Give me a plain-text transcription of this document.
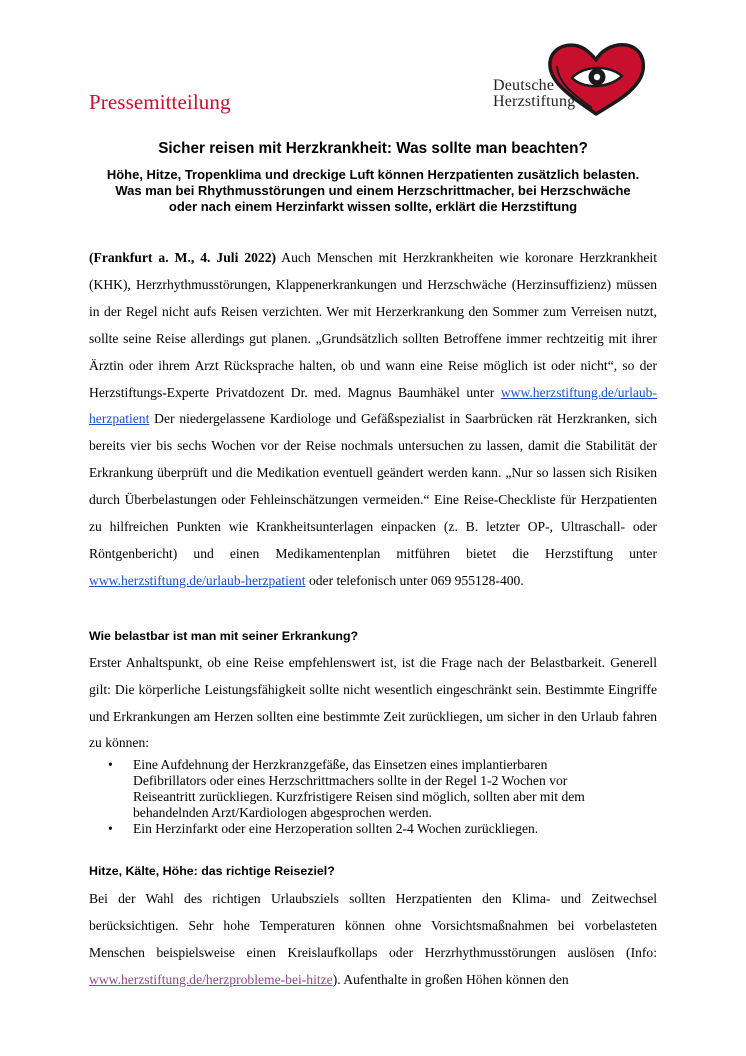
Pressemitteilung
Deutsche
Herzstiftung
Sicher reisen mit Herzkrankheit: Was sollte man beachten?
Höhe, Hitze, Tropenklima und dreckige Luft können Herzpatienten zusätzlich belasten. Was man bei Rhythmusstörungen und einem Herzschrittmacher, bei Herzschwäche oder nach einem Herzinfarkt wissen sollte, erklärt die Herzstiftung
(Frankfurt a. M., 4. Juli 2022) Auch Menschen mit Herzkrankheiten wie koronare Herzkrankheit (KHK), Herzrhythmusstörungen, Klappenerkrankungen und Herzschwäche (Herzinsuffizienz) müssen in der Regel nicht aufs Reisen verzichten. Wer mit Herzerkrankung den Sommer zum Verreisen nutzt, sollte seine Reise allerdings gut planen. „Grundsätzlich sollten Betroffene immer rechtzeitig mit ihrer Ärztin oder ihrem Arzt Rücksprache halten, ob und wann eine Reise möglich ist oder nicht“, so der Herzstiftungs-Experte Privatdozent Dr. med. Magnus Baumhäkel unter www.herzstiftung.de/urlaub-herzpatient Der niedergelassene Kardiologe und Gefäßspezialist in Saarbrücken rät Herzkranken, sich bereits vier bis sechs Wochen vor der Reise nochmals untersuchen zu lassen, damit die Stabilität der Erkrankung überprüft und die Medikation eventuell geändert werden kann. „Nur so lassen sich Risiken durch Überbelastungen oder Fehleinschätzungen vermeiden.“ Eine Reise-Checkliste für Herzpatienten zu hilfreichen Punkten wie Krankheitsunterlagen einpacken (z. B. letzter OP-, Ultraschall- oder Röntgenbericht) und einen Medikamentenplan mitführen bietet die Herzstiftung unter www.herzstiftung.de/urlaub-herzpatient oder telefonisch unter 069 955128-400.
Wie belastbar ist man mit seiner Erkrankung?
Erster Anhaltspunkt, ob eine Reise empfehlenswert ist, ist die Frage nach der Belastbarkeit. Generell gilt: Die körperliche Leistungsfähigkeit sollte nicht wesentlich eingeschränkt sein. Bestimmte Eingriffe und Erkrankungen am Herzen sollten eine bestimmte Zeit zurückliegen, um sicher in den Urlaub fahren zu können:
• Eine Aufdehnung der Herzkranzgefäße, das Einsetzen eines implantierbaren Defibrillators oder eines Herzschrittmachers sollte in der Regel 1-2 Wochen vor Reiseantritt zurückliegen. Kurzfristigere Reisen sind möglich, sollten aber mit dem behandelnden Arzt/Kardiologen abgesprochen werden.
• Ein Herzinfarkt oder eine Herzoperation sollten 2-4 Wochen zurückliegen.
Hitze, Kälte, Höhe: das richtige Reiseziel?
Bei der Wahl des richtigen Urlaubsziels sollten Herzpatienten den Klima- und Zeitwechsel berücksichtigen. Sehr hohe Temperaturen können ohne Vorsichtsmaßnahmen bei vorbelasteten Menschen beispielsweise einen Kreislaufkollaps oder Herzrhythmusstörungen auslösen (Info: www.herzstiftung.de/herzprobleme-bei-hitze). Aufenthalte in großen Höhen können den
